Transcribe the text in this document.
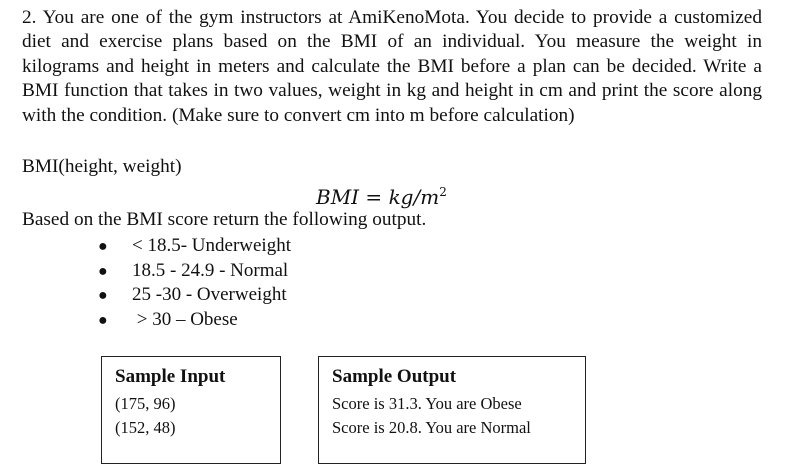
2. You are one of the gym instructors at AmiKenoMota. You decide to provide a customized diet and exercise plans based on the BMI of an individual. You measure the weight in kilograms and height in meters and calculate the BMI before a plan can be decided. Write a BMI function that takes in two values, weight in kg and height in cm and print the score along with the condition. (Make sure to convert cm into m before calculation)

BMI(height, weight)

BMI = $kg/m^2$

Based on the BMI score return the following output.

● < 18.5- Underweight
● 18.5 - 24.9 - Normal
● 25 -30 - Overweight
● > 30 – Obese
Sample Input
(175, 96)
(152, 48)
Sample Output
Score is 31.3. You are Obese
Score is 20.8. You are Normal
